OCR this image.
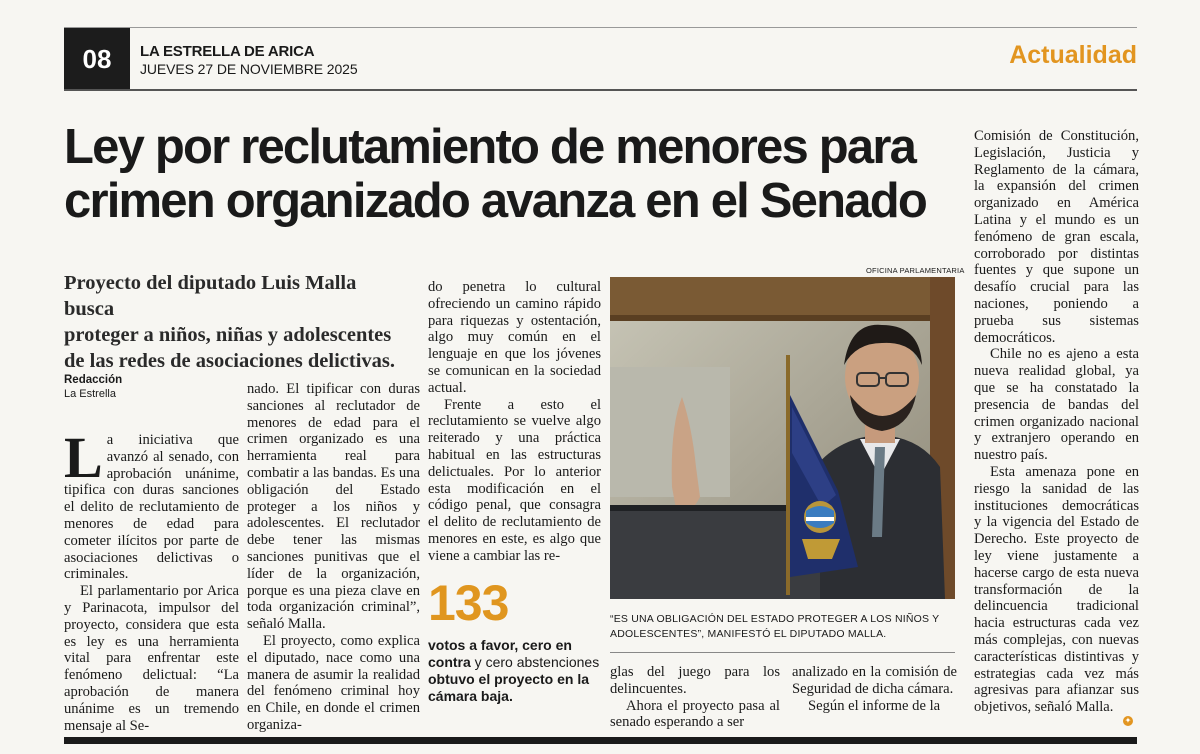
08	LA ESTRELLA DE ARICA
JUEVES 27 DE NOVIEMBRE 2025	Actualidad
Ley por reclutamiento de menores para
crimen organizado avanza en el Senado
Proyecto del diputado Luis Malla busca
proteger a niños, niñas y adolescentes
de las redes de asociaciones delictivas.
Redacción
La Estrella

La iniciativa que avanzó al senado, con aprobación unánime, tipifica con duras sanciones el delito de reclutamiento de menores de edad para cometer ilícitos por parte de asociaciones delictivas o criminales.

El parlamentario por Arica y Parinacota, impulsor del proyecto, considera que esta es ley es una herramienta vital para enfrentar este fenómeno delictual: “La aprobación de manera unánime es un tremendo mensaje al Se-

nado. El tipificar con duras sanciones al reclutador de menores de edad para el crimen organizado es una herramienta real para combatir a las bandas. Es una obligación del Estado proteger a los niños y adolescentes. El reclutador debe tener las mismas sanciones punitivas que el líder de la organización, porque es una pieza clave en toda organización criminal”, señaló Malla.

El proyecto, como explica el diputado, nace como una manera de asumir la realidad del fenómeno criminal hoy en Chile, en donde el crimen organiza-

do penetra lo cultural ofreciendo un camino rápido para riquezas y ostentación, algo muy común en el lenguaje en que los jóvenes se comunican en la sociedad actual.

Frente a esto el reclutamiento se vuelve algo reiterado y una práctica habitual en las estructuras delictuales. Por lo anterior esta modificación en el código penal, que consagra el delito de reclutamiento de menores en este, es algo que viene a cambiar las re-

133
votos a favor, cero en contra y cero abstenciones obtuvo el proyecto en la cámara baja.
OFICINA PARLAMENTARIA
“ES UNA OBLIGACIÓN DEL ESTADO PROTEGER A LOS NIÑOS Y ADOLESCENTES”, MANIFESTÓ EL DIPUTADO MALLA.

glas del juego para los delincuentes.

Ahora el proyecto pasa al senado esperando a ser

analizado en la comisión de Seguridad de dicha cámara.

Según el informe de la

Comisión de Constitución, Legislación, Justicia y Reglamento de la cámara, la expansión del crimen organizado en América Latina y el mundo es un fenómeno de gran escala, corroborado por distintas fuentes y que supone un desafío crucial para las naciones, poniendo a prueba sus sistemas democráticos.

Chile no es ajeno a esta nueva realidad global, ya que se ha constatado la presencia de bandas del crimen organizado nacional y extranjero operando en nuestro país.

Esta amenaza pone en riesgo la sanidad de las instituciones democráticas y la vigencia del Estado de Derecho. Este proyecto de ley viene justamente a hacerse cargo de esta nueva transformación de la delincuencia tradicional hacia estructuras cada vez más complejas, con nuevas características distintivas y estrategias cada vez más agresivas para afianzar sus objetivos, señaló Malla.

✦
